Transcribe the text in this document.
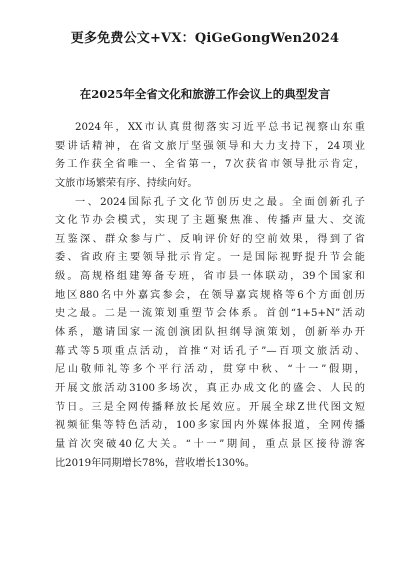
更多免费公文+VX：QiGeGongWen2024
在2025年全省文化和旅游工作会议上的典型发言
2024年，XX市认真贯彻落实习近平总书记视察山东重
要讲话精神，在省文旅厅坚强领导和大力支持下，24项业
务工作获全省唯一、全省第一，7次获省市领导批示肯定，
文旅市场繁荣有序、持续向好。
一、2024国际孔子文化节创历史之最。全面创新孔子
文化节办会模式，实现了主题聚焦准、传播声量大、交流
互鉴深、群众参与广、反响评价好的空前效果，得到了省
委、省政府主要领导批示肯定。一是国际视野提升节会能
级。高规格组建筹备专班，省市县一体联动，39个国家和
地区880名中外嘉宾参会，在领导嘉宾规格等6个方面创历
史之最。二是一流策划重塑节会体系。首创“1+5+N”活动
体系，邀请国家一流创演团队担纲导演策划，创新举办开
幕式等5项重点活动，首推“对话孔子”—百项文旅活动、
尼山敬师礼等多个平行活动，贯穿中秋、“十一”假期，
开展文旅活动3100多场次，真正办成文化的盛会、人民的
节日。三是全网传播释放长尾效应。开展全球Z世代图文短
视频征集等特色活动，100多家国内外媒体报道，全网传播
量首次突破40亿大关。“十一”期间，重点景区接待游客
比2019年同期增长78%，营收增长130%。
